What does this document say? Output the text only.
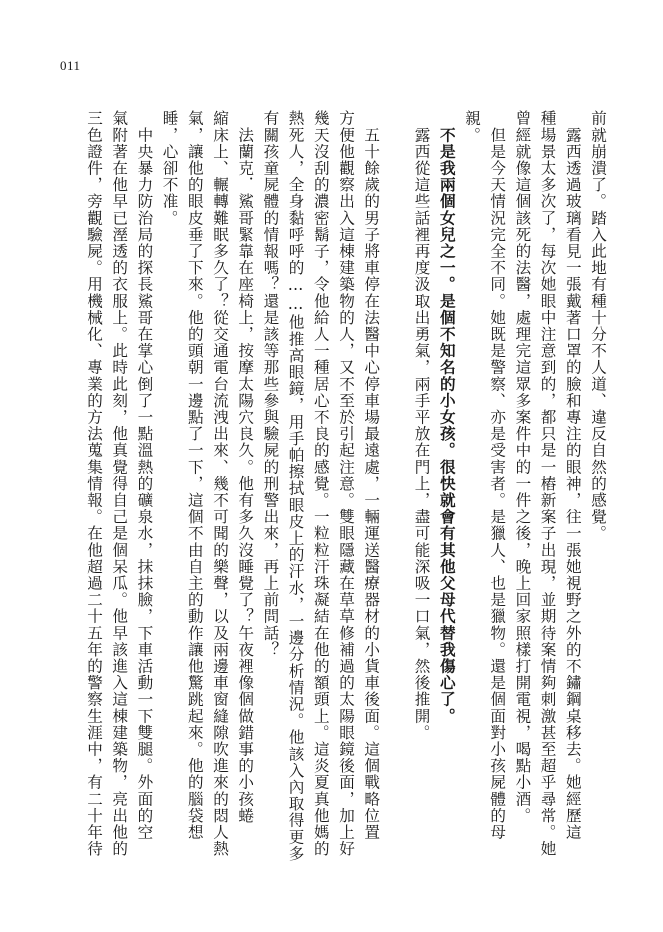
011
前就崩潰了。踏入此地有種十分不人道、違反自然的感覺。
　露西透過玻璃看見一張戴著口罩的臉和專注的眼神，往一張她視野之外的不鏽鋼桌移去。她經歷這
種場景太多次了，每次她眼中注意到的，都只是一樁新案子出現，並期待案情夠刺激甚至超乎尋常。她
曾經就像這個該死的法醫，處理完這眾多案件中的一件之後，晚上回家照樣打開電視，喝點小酒。
　但是今天情況完全不同。她既是警察、亦是受害者。是獵人、也是獵物。還是個面對小孩屍體的母
親。
　不是我兩個女兒之一。是個不知名的小女孩。很快就會有其他父母代替我傷心了。
　露西從這些話裡再度汲取出勇氣，兩手平放在門上，盡可能深吸一口氣，然後推開。
　五十餘歲的男子將車停在法醫中心停車場最遠處，一輛運送醫療器材的小貨車後面。這個戰略位置
方便他觀察出入這棟建築物的人，又不至於引起注意。雙眼隱藏在草草修補過的太陽眼鏡後面，加上好
幾天沒刮的濃密鬍子，令他給人一種居心不良的感覺。一粒粒汗珠凝結在他的額頭上。這炎夏真他媽的
熱死人，全身黏呼呼的……他推高眼鏡，用手帕擦拭眼皮上的汗水，一邊分析情況。他該入內取得更多
有關孩童屍體的情報嗎？還是該等那些參與驗屍的刑警出來，再上前問話？
　法蘭克．鯊哥緊靠在座椅上，按摩太陽穴良久。他有多久沒睡覺了？午夜裡像個做錯事的小孩蜷
縮床上、輾轉難眠多久了？從交通電台流洩出來、幾不可聞的樂聲，以及兩邊車窗縫隙吹進來的悶人熱
氣，讓他的眼皮垂了下來。他的頭朝一邊點了一下，這個不由自主的動作讓他驚跳起來。他的腦袋想
睡，心卻不准。
　中央暴力防治局的探長鯊哥在掌心倒了一點溫熱的礦泉水，抹抹臉，下車活動一下雙腿。外面的空
氣附著在他早已溼透的衣服上。此時此刻，他真覺得自己是個呆瓜。他早該進入這棟建築物，亮出他的
三色證件，旁觀驗屍。用機械化、專業的方法蒐集情報。在他超過二十五年的警察生涯中，有二十年待
